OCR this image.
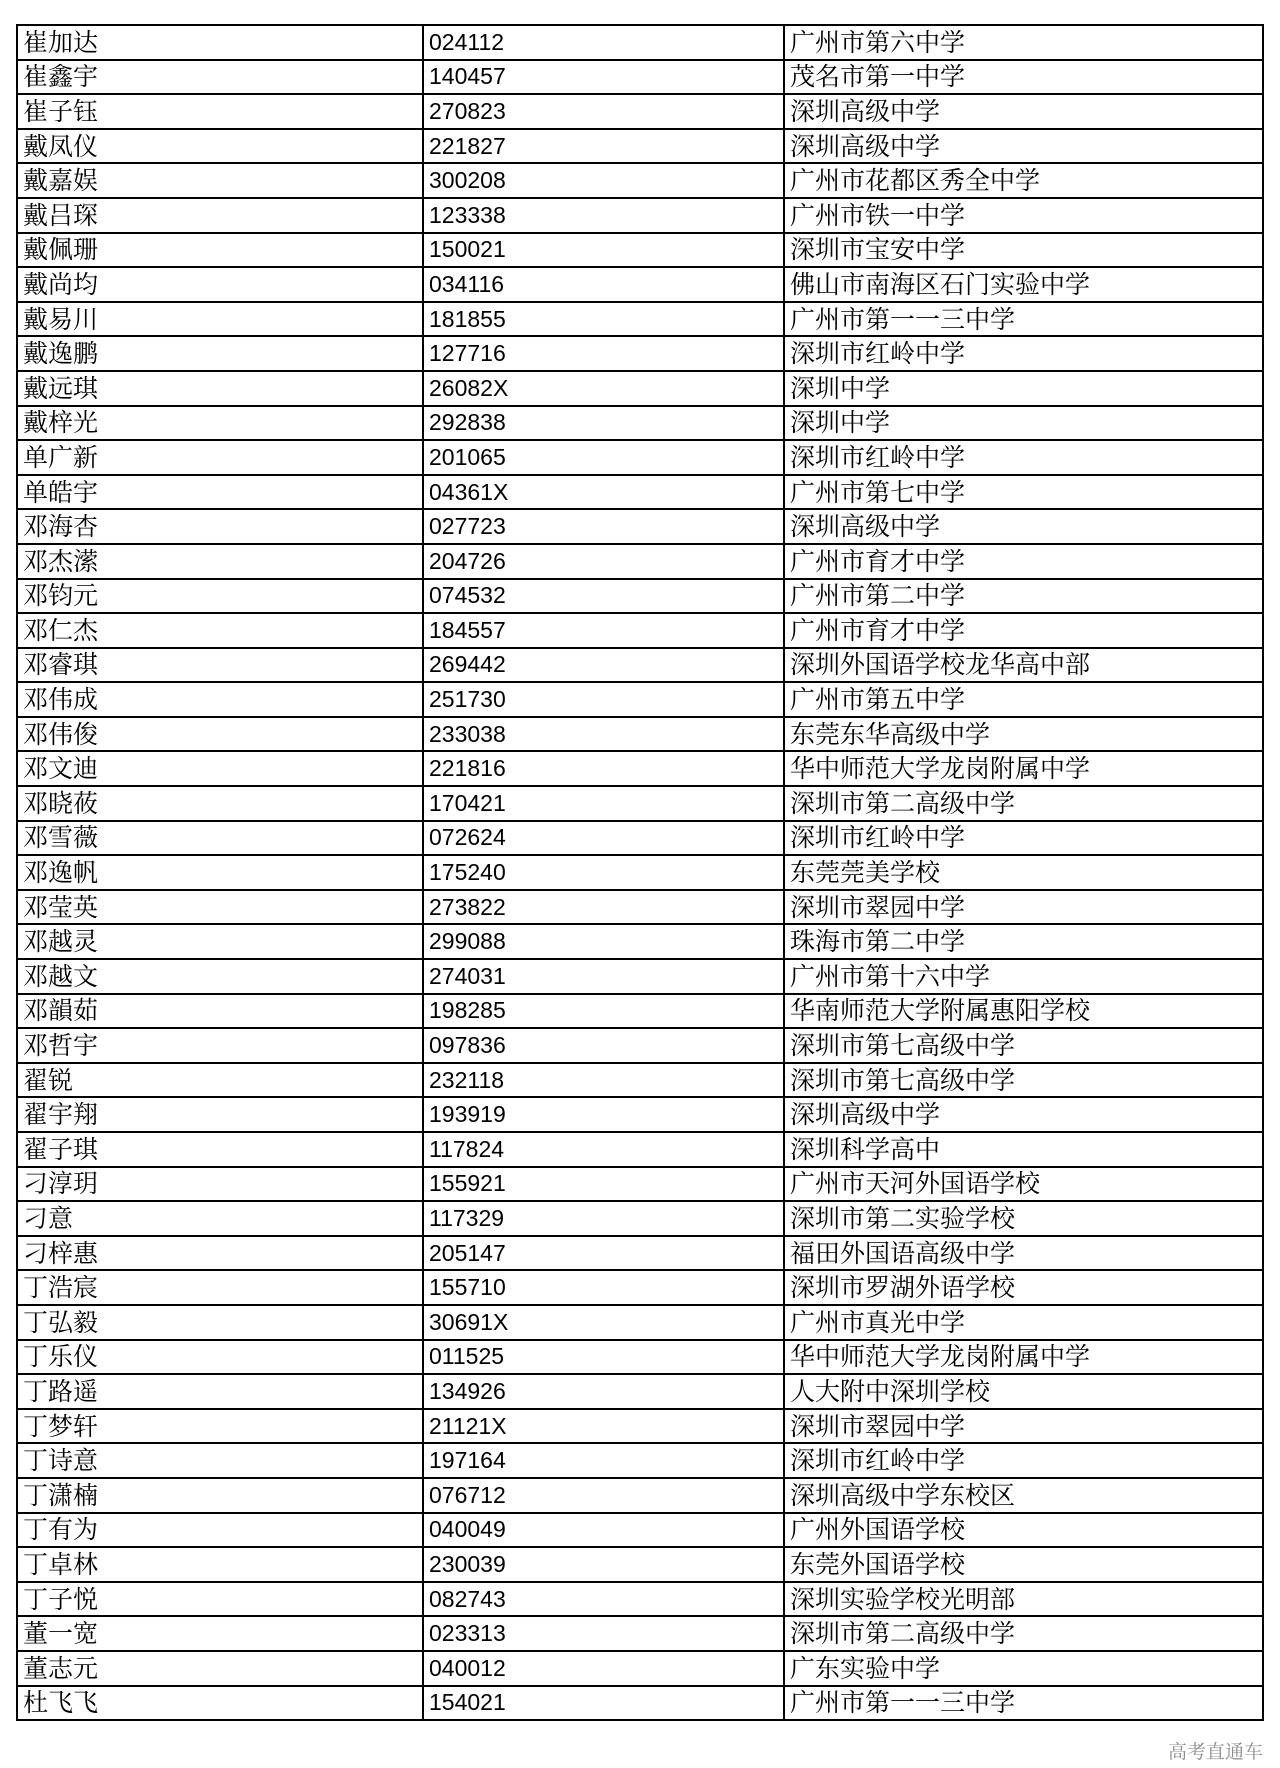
崔加达	024112	广州市第六中学
崔鑫宇	140457	茂名市第一中学
崔子钰	270823	深圳高级中学
戴凤仪	221827	深圳高级中学
戴嘉娱	300208	广州市花都区秀全中学
戴吕琛	123338	广州市铁一中学
戴佩珊	150021	深圳市宝安中学
戴尚均	034116	佛山市南海区石门实验中学
戴易川	181855	广州市第一一三中学
戴逸鹏	127716	深圳市红岭中学
戴远琪	26082X	深圳中学
戴梓光	292838	深圳中学
单广新	201065	深圳市红岭中学
单皓宇	04361X	广州市第七中学
邓海杏	027723	深圳高级中学
邓杰潆	204726	广州市育才中学
邓钧元	074532	广州市第二中学
邓仁杰	184557	广州市育才中学
邓睿琪	269442	深圳外国语学校龙华高中部
邓伟成	251730	广州市第五中学
邓伟俊	233038	东莞东华高级中学
邓文迪	221816	华中师范大学龙岗附属中学
邓晓莜	170421	深圳市第二高级中学
邓雪薇	072624	深圳市红岭中学
邓逸帆	175240	东莞莞美学校
邓莹英	273822	深圳市翠园中学
邓越灵	299088	珠海市第二中学
邓越文	274031	广州市第十六中学
邓韻茹	198285	华南师范大学附属惠阳学校
邓哲宇	097836	深圳市第七高级中学
翟锐	232118	深圳市第七高级中学
翟宇翔	193919	深圳高级中学
翟子琪	117824	深圳科学高中
刁淳玥	155921	广州市天河外国语学校
刁意	117329	深圳市第二实验学校
刁梓惠	205147	福田外国语高级中学
丁浩宸	155710	深圳市罗湖外语学校
丁弘毅	30691X	广州市真光中学
丁乐仪	011525	华中师范大学龙岗附属中学
丁路遥	134926	人大附中深圳学校
丁梦轩	21121X	深圳市翠园中学
丁诗意	197164	深圳市红岭中学
丁潇楠	076712	深圳高级中学东校区
丁有为	040049	广州外国语学校
丁卓林	230039	东莞外国语学校
丁子悦	082743	深圳实验学校光明部
董一宽	023313	深圳市第二高级中学
董志元	040012	广东实验中学
杜飞飞	154021	广州市第一一三中学
高考直通车
